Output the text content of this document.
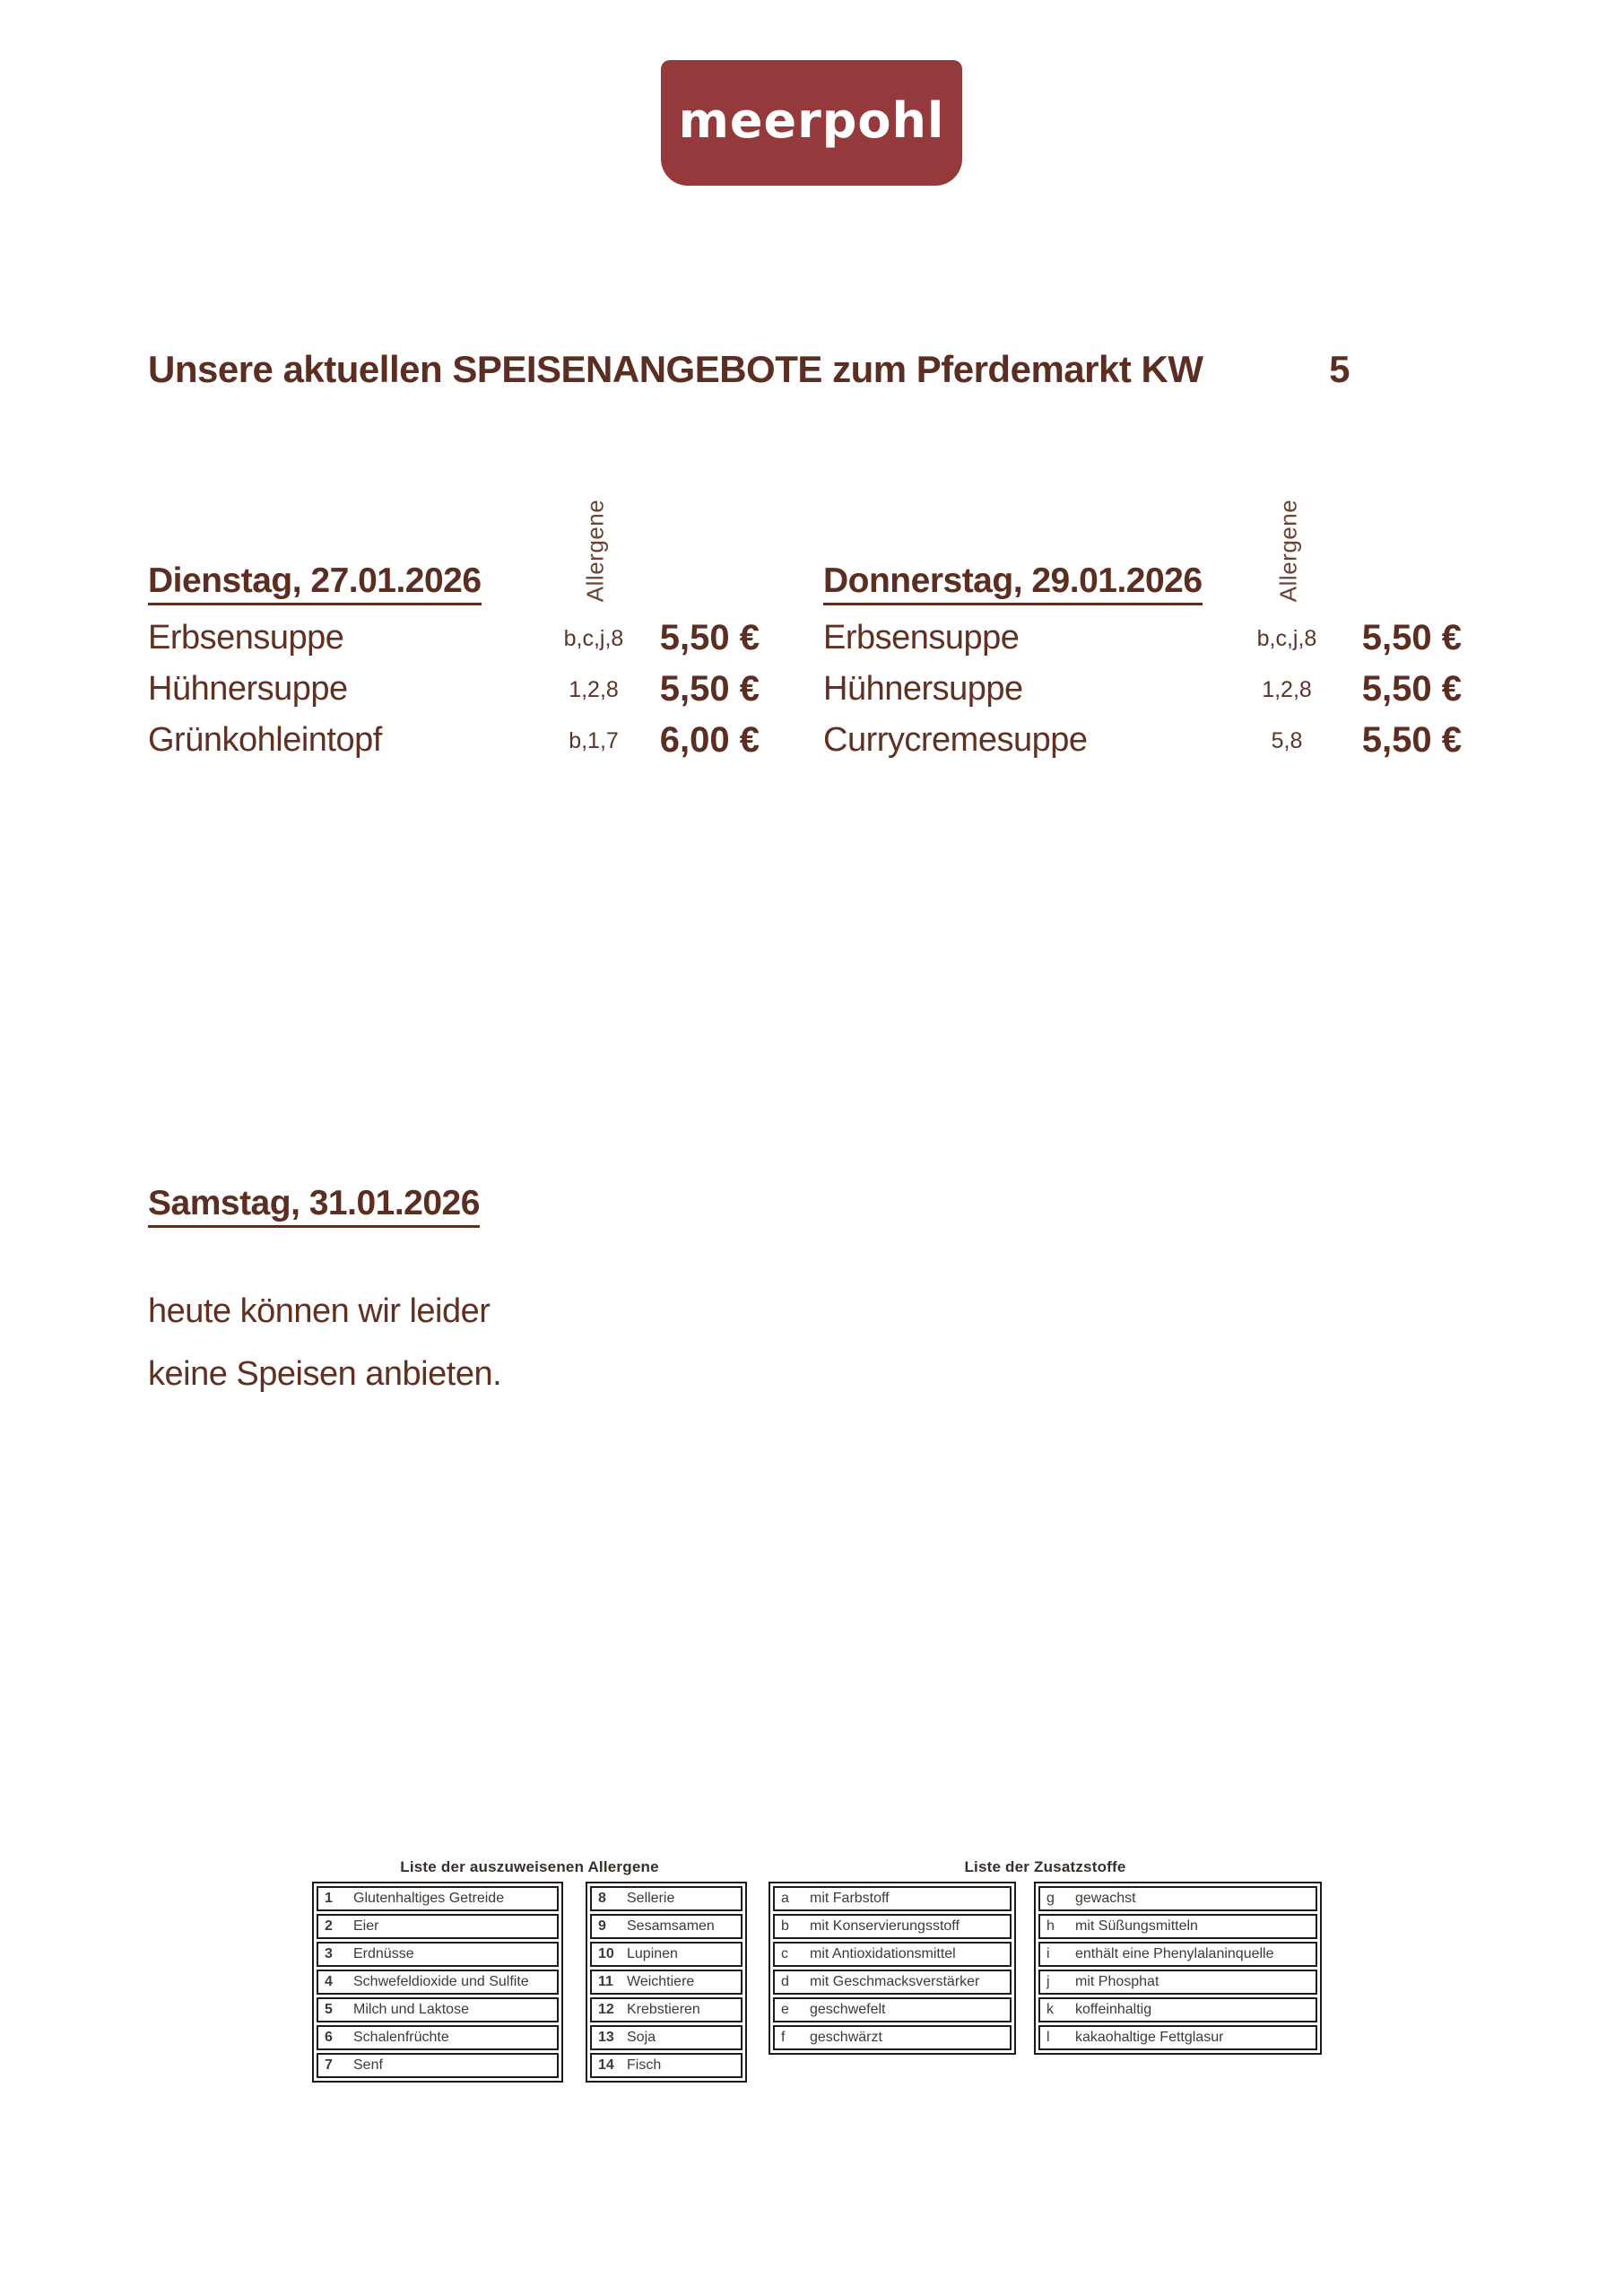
meerpohl
Unsere aktuellen SPEISENANGEBOTE zum Pferdemarkt KW	5
Allergene	Allergene
Dienstag, 27.01.2026
Erbsensuppe	b,c,j,8	5,50 €
Hühnersuppe	1,2,8	5,50 €
Grünkohleintopf	b,1,7	6,00 €
Donnerstag, 29.01.2026
Erbsensuppe	b,c,j,8	5,50 €
Hühnersuppe	1,2,8	5,50 €
Currycremesuppe	5,8	5,50 €
Samstag, 31.01.2026

heute können wir leider

keine Speisen anbieten.

Liste der auszuweisenen Allergene	Liste der Zusatzstoffe
1	Glutenhaltiges Getreide
2	Eier
3	Erdnüsse
4	Schwefeldioxide und Sulfite
5	Milch und Laktose
6	Schalenfrüchte
7	Senf
8	Sellerie
9	Sesamsamen
10 Lupinen
11 Weichtiere
12 Krebstieren
13 Soja
14 Fisch
a	mit Farbstoff
b	mit Konservierungsstoff
c	mit Antioxidationsmittel
d	mit Geschmacksverstärker
e	geschwefelt
f	geschwärzt
g	gewachst
h	mit Süßungsmitteln
i	enthält eine Phenylalaninquelle
j	mit Phosphat
k	koffeinhaltig
l	kakaohaltige Fettglasur
